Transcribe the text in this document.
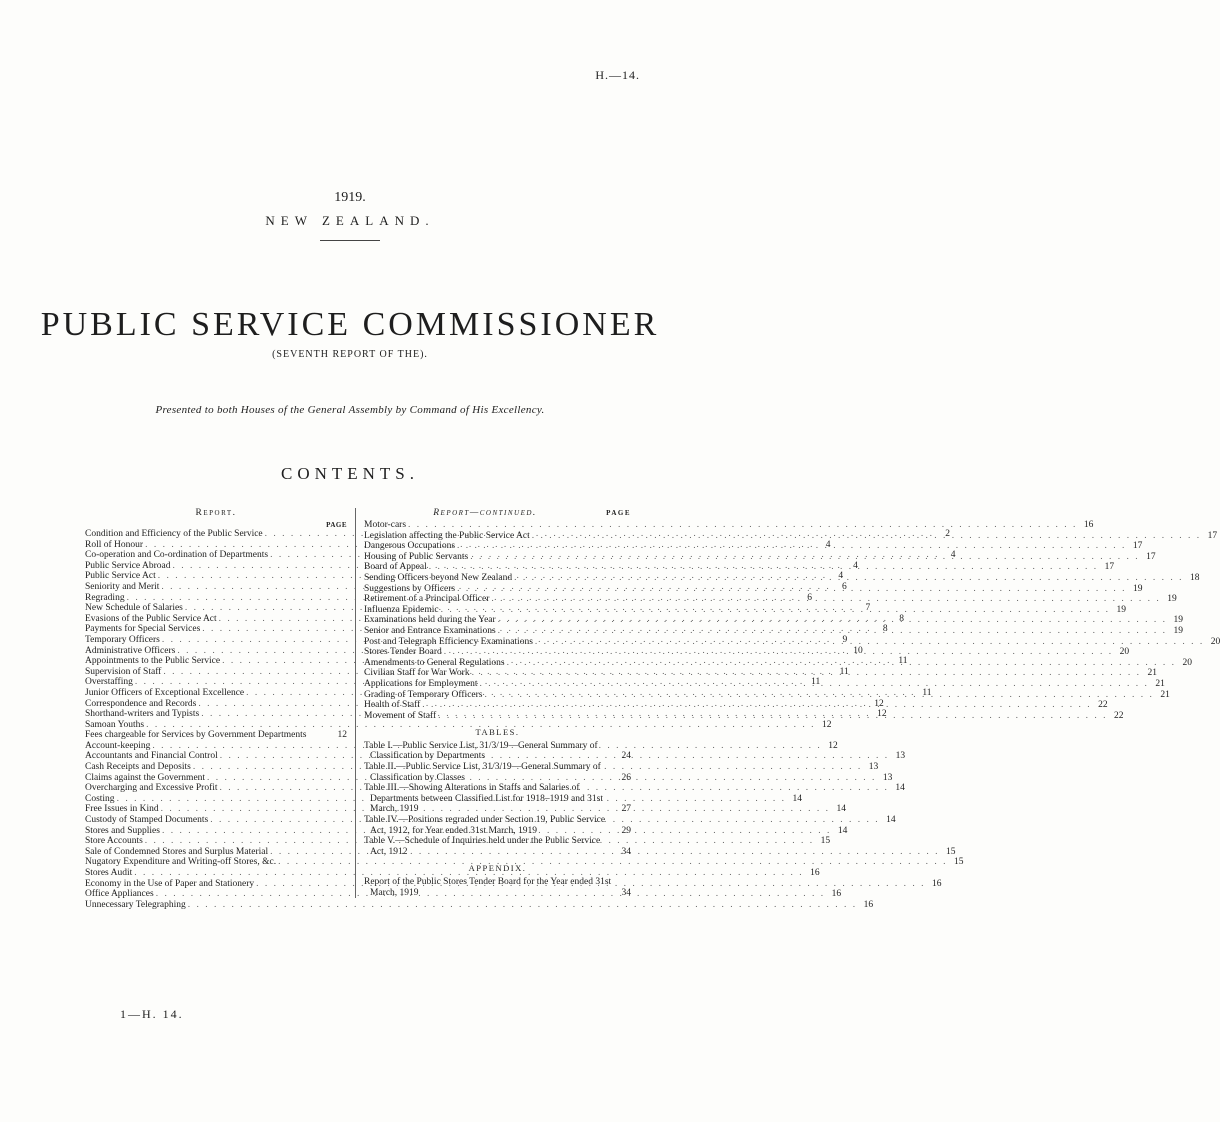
H.—14.
1919.
NEW ZEALAND.
PUBLIC SERVICE COMMISSIONER
(SEVENTH REPORT OF THE).
Presented to both Houses of the General Assembly by Command of His Excellency.
CONTENTS.
Report.
PAGE
Condition and Efficiency of the Public Service . . .	2
Roll of Honour . . .	4
Co-operation and Co-ordination of Departments . . .	4
Public Service Abroad . . .	4
Public Service Act . . .	4
Seniority and Merit . . .	6
Regrading . . .	6
New Schedule of Salaries . . .	7
Evasions of the Public Service Act . . .	8
Payments for Special Services . . .	8
Temporary Officers . . .	9
Administrative Officers . . .	10
Appointments to the Public Service . . .	11
Supervision of Staff . . .	11
Overstaffing . . .	11
Junior Officers of Exceptional Excellence . . .	11
Correspondence and Records . . .	12
Shorthand-writers and Typists . . .	12
Samoan Youths . . .	12
Fees chargeable for Services by Government Departments	12
Account-keeping . . .	12
Accountants and Financial Control . . .	13
Cash Receipts and Deposits . . .	13
Claims against the Government . . .	13
Overcharging and Excessive Profit . . .	14
Costing . . .	14
Free Issues in Kind . . .	14
Custody of Stamped Documents . . .	14
Stores and Supplies . . .	14
Store Accounts . . .	15
Sale of Condemned Stores and Surplus Material . . .	15
Nugatory Expenditure and Writing-off Stores, &c. . . .	15
Stores Audit . . .	16
Economy in the Use of Paper and Stationery . . .	16
Office Appliances . . .	16
Unnecessary Telegraphing . . .	16
Report—continued.	PAGE
Motor-cars . . .	16
Legislation affecting the Public Service Act . . .	17
Dangerous Occupations . . .	17
Housing of Public Servants . . .	17
Board of Appeal . . .	17
Sending Officers beyond New Zealand . . .	18
Suggestions by Officers . . .	19
Retirement of a Principal Officer . . .	19
Influenza Epidemic . . .	19
Examinations held during the Year . . .	19
Senior and Entrance Examinations . . .	19
Post and Telegraph Efficiency Examinations . . .	20
Stores Tender Board . . .	20
Amendments to General Regulations . . .	20
Civilian Staff for War Work . . .	21
Applications for Employment . . .	21
Grading of Temporary Officers . . .	21
Health of Staff . . .	22
Movement of Staff . . .	22
TABLES.
Table I.—Public Service List, 31/3/19—General Summary of Classification by Departments	24
Table II.—Public Service List, 31/3/19—General Summary of Classification by Classes	26
Table III.—Showing Alterations in Staffs and Salaries of Departments between Classified List for 1918–1919 and 31st March, 1919	27
Table IV.—Positions regraded under Section 19, Public Service Act, 1912, for Year ended 31st March, 1919	29
Table V.—Schedule of Inquiries held under the Public Service Act, 1912	34
APPENDIX.
Report of the Public Stores Tender Board for the Year ended 31st March, 1919	34
1—H. 14.
